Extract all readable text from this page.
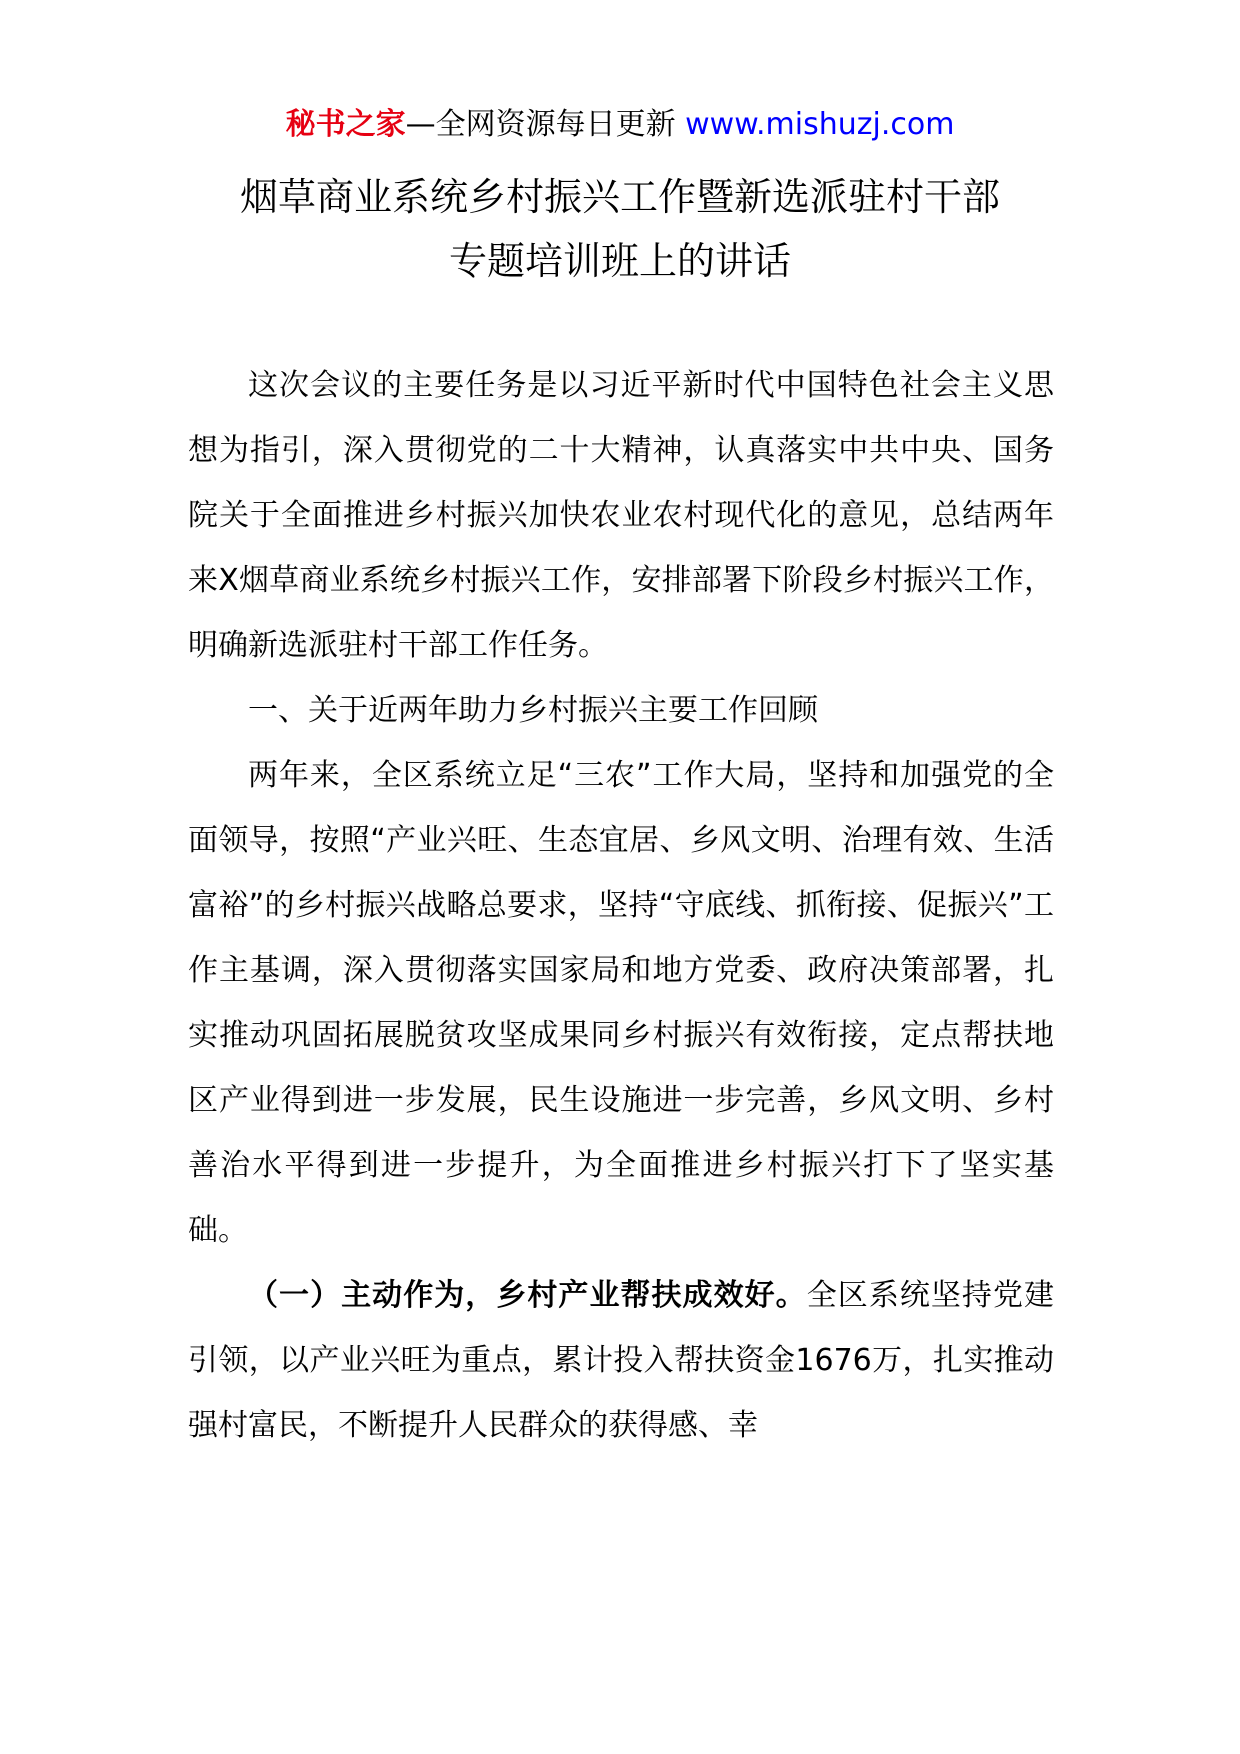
秘书之家—全网资源每日更新 www.mishuzj.com
烟草商业系统乡村振兴工作暨新选派驻村干部
专题培训班上的讲话

这次会议的主要任务是以习近平新时代中国特色社会主义思想为指引，深入贯彻党的二十大精神，认真落实中共中央、国务院关于全面推进乡村振兴加快农业农村现代化的意见，总结两年来X烟草商业系统乡村振兴工作，安排部署下阶段乡村振兴工作，明确新选派驻村干部工作任务。

一、关于近两年助力乡村振兴主要工作回顾

两年来，全区系统立足“三农”工作大局，坚持和加强党的全面领导，按照“产业兴旺、生态宜居、乡风文明、治理有效、生活富裕”的乡村振兴战略总要求，坚持“守底线、抓衔接、促振兴”工作主基调，深入贯彻落实国家局和地方党委、政府决策部署，扎实推动巩固拓展脱贫攻坚成果同乡村振兴有效衔接，定点帮扶地区产业得到进一步发展，民生设施进一步完善，乡风文明、乡村善治水平得到进一步提升，为全面推进乡村振兴打下了坚实基础。

（一）主动作为，乡村产业帮扶成效好。全区系统坚持党建引领，以产业兴旺为重点，累计投入帮扶资金1676万，扎实推动强村富民，不断提升人民群众的获得感、幸
